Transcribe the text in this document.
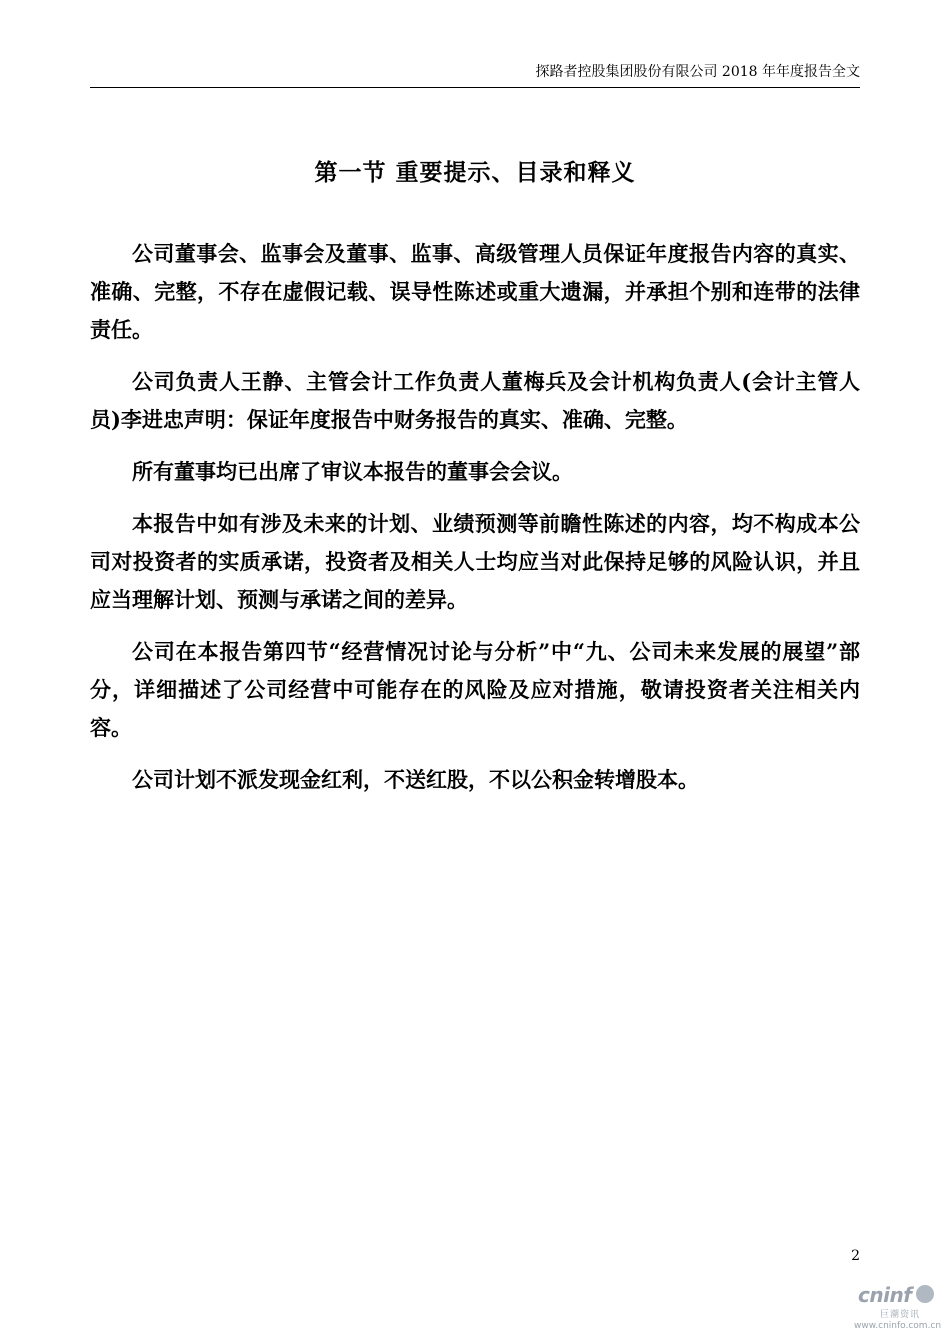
探路者控股集团股份有限公司 2018 年年度报告全文
第一节 重要提示、目录和释义

公司董事会、监事会及董事、监事、高级管理人员保证年度报告内容的真实、准确、完整，不存在虚假记载、误导性陈述或重大遗漏，并承担个别和连带的法律责任。

公司负责人王静、主管会计工作负责人董梅兵及会计机构负责人(会计主管人员)李进忠声明：保证年度报告中财务报告的真实、准确、完整。

所有董事均已出席了审议本报告的董事会会议。

本报告中如有涉及未来的计划、业绩预测等前瞻性陈述的内容，均不构成本公司对投资者的实质承诺，投资者及相关人士均应当对此保持足够的风险认识，并且应当理解计划、预测与承诺之间的差异。

公司在本报告第四节“经营情况讨论与分析”中“九、公司未来发展的展望”部分，详细描述了公司经营中可能存在的风险及应对措施，敬请投资者关注相关内容。

公司计划不派发现金红利，不送红股，不以公积金转增股本。

2
cninf
巨潮资讯
www.cninfo.com.cn
